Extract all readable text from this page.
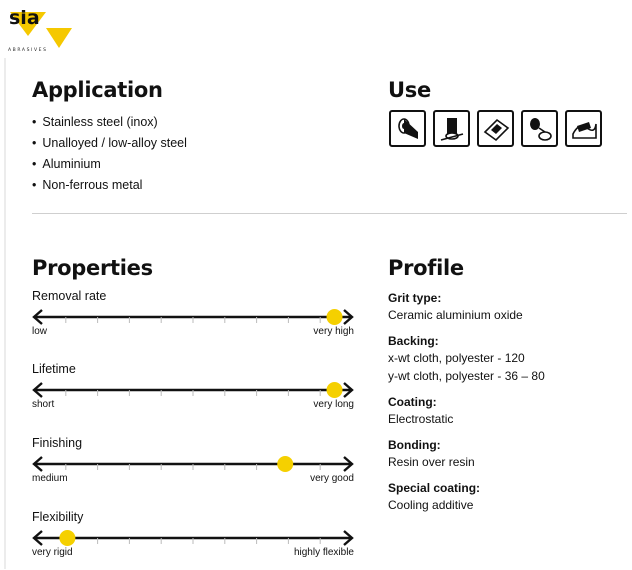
sia
ABRASIVES
Application
• Stainless steel (inox)
• Unalloyed / low-alloy steel
• Aluminium
• Non-ferrous metal
Use
Properties
Removal rate
low	very high
Lifetime
short	very long
Finishing
medium	very good
Flexibility
very rigid	highly flexible
Profile

Grit type:

Ceramic aluminium oxide

Backing:

x-wt cloth, polyester - 120

y-wt cloth, polyester - 36 – 80

Coating:

Electrostatic

Bonding:

Resin over resin

Special coating:

Cooling additive
